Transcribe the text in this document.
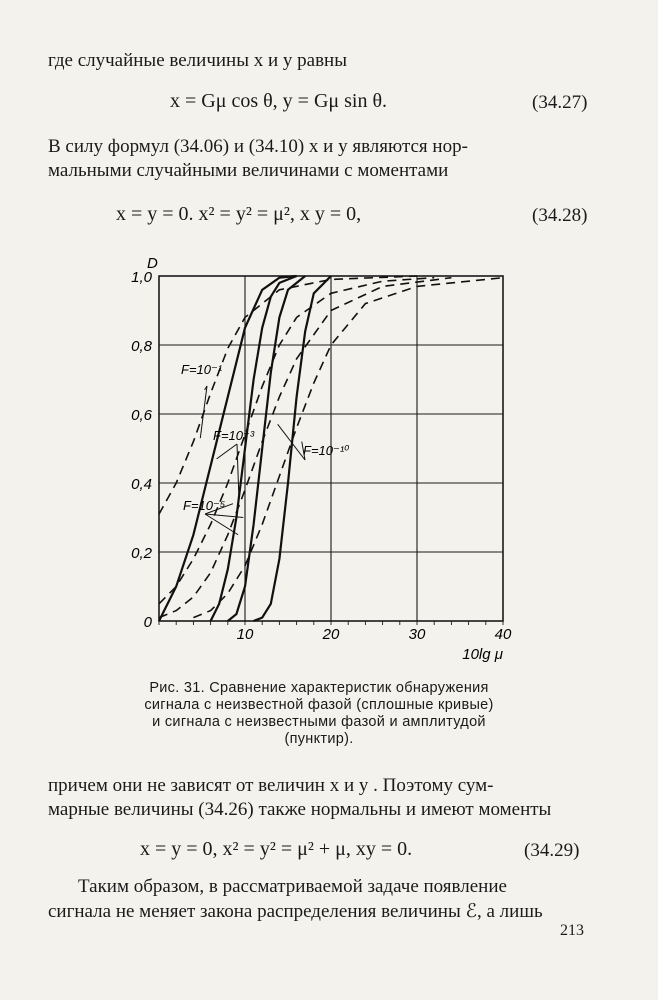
где случайные величины x и y равны
x = Gμ cos θ, y = Gμ sin θ.	(34.27)
В силу формул (34.06) и (34.10) x и y являются нор-
мальными случайными величинами с моментами
x = y = 0. x² = y² = μ², x y = 0,	(34.28)
0
0,2
0,4
0,6
0,8
1,0
10	20	30	40
D
10lg μ
F=10⁻¹
F=10⁻³
F=10⁻⁵
F=10⁻¹⁰
Рис. 31. Сравнение характеристик обнаружения
сигнала с неизвестной фазой (сплошные кривые)
и сигнала с неизвестными фазой и амплитудой
(пунктир).
причем они не зависят от величин x и y . Поэтому сум-
марные величины (34.26) также нормальны и имеют моменты
x = y = 0, x² = y² = μ² + μ, xy = 0.	(34.29)
Таким образом, в рассматриваемой задаче появление
сигнала не меняет закона распределения величины ℰ, а лишь
213
